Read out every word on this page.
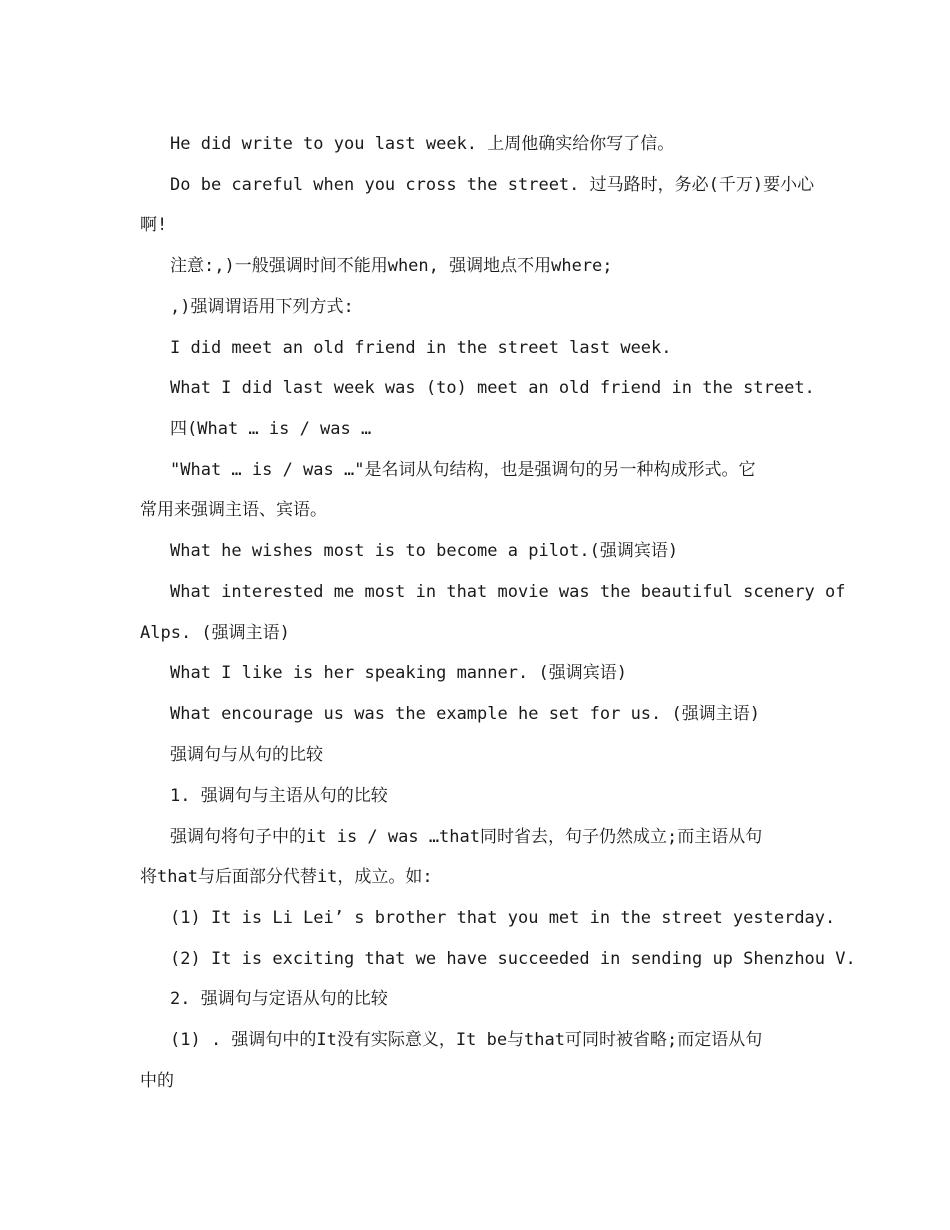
He did write to you last week. 上周他确实给你写了信。
Do be careful when you cross the street. 过马路时，务必(千万)要小心
啊!
注意:,)一般强调时间不能用when, 强调地点不用where;
,)强调谓语用下列方式:
I did meet an old friend in the street last week.
What I did last week was (to) meet an old friend in the street.
四(What … is / was …
"What … is / was …"是名词从句结构，也是强调句的另一种构成形式。它
常用来强调主语、宾语。
What he wishes most is to become a pilot.(强调宾语)
What interested me most in that movie was the beautiful scenery of
Alps. (强调主语)
What I like is her speaking manner. (强调宾语)
What encourage us was the example he set for us. (强调主语)
强调句与从句的比较
1. 强调句与主语从句的比较
强调句将句子中的it is / was …that同时省去，句子仍然成立;而主语从句
将that与后面部分代替it，成立。如:
(1) It is Li Lei’ s brother that you met in the street yesterday.
(2) It is exciting that we have succeeded in sending up Shenzhou V.
2. 强调句与定语从句的比较
(1) . 强调句中的It没有实际意义，It be与that可同时被省略;而定语从句
中的
